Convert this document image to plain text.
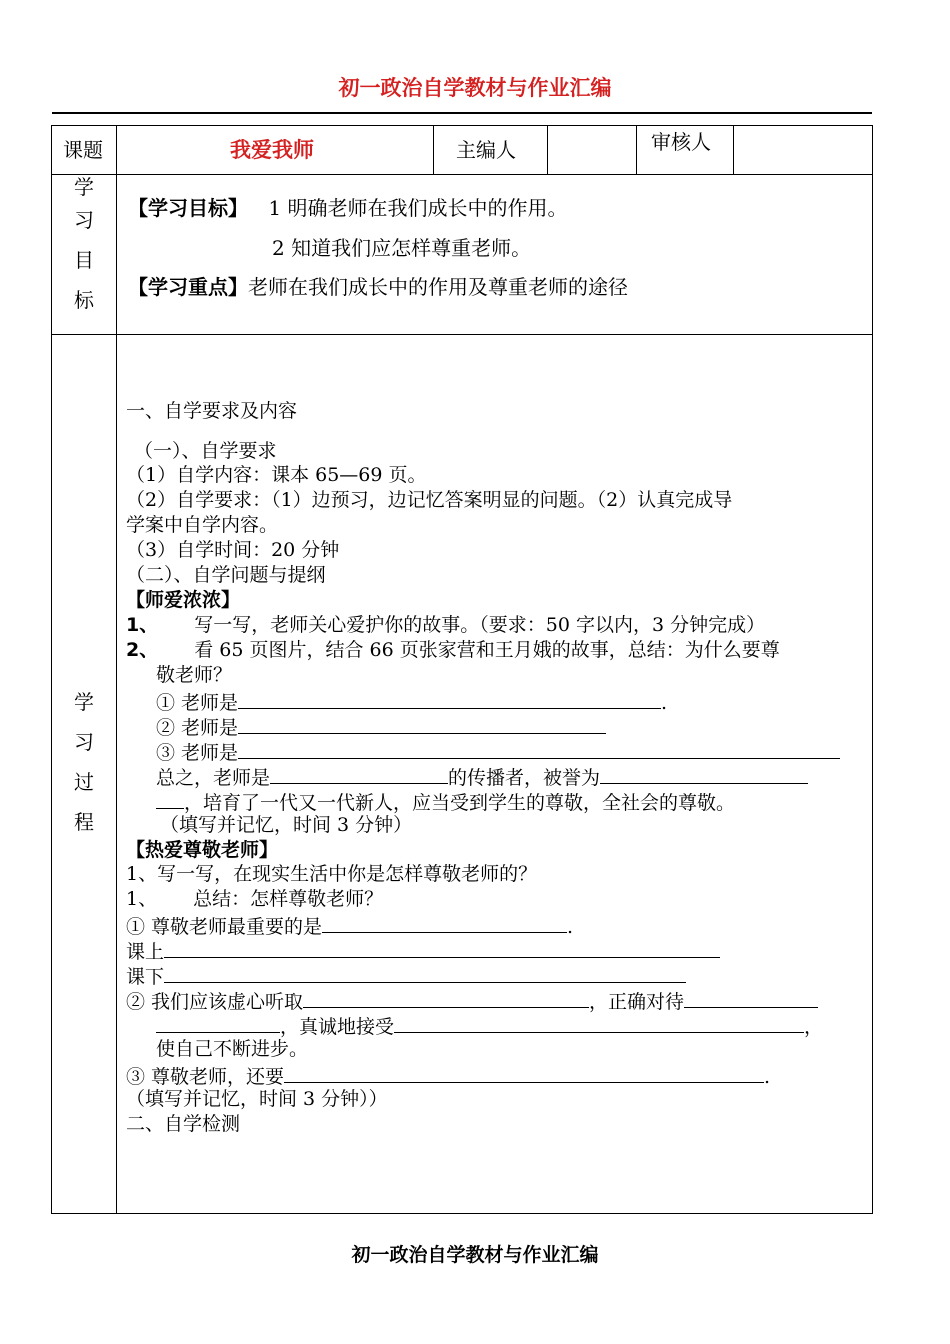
初一政治自学教材与作业汇编
课题	我爱我师	主编人	审核人
学
习
目
标
【学习目标】 1 明确老师在我们成长中的作用。
2 知道我们应怎样尊重老师。
【学习重点】老师在我们成长中的作用及尊重老师的途径
学
习
过
程
一、自学要求及内容
（一）、自学要求
（1）自学内容：课本 65—69 页。
（2）自学要求：（1）边预习，边记忆答案明显的问题。（2）认真完成导
学案中自学内容。
（3）自学时间：20 分钟
（二）、自学问题与提纲
【师爱浓浓】
1、 写一写，老师关心爱护你的故事。（要求：50 字以内，3 分钟完成）
2、 看 65 页图片，结合 66 页张家营和王月娥的故事，总结：为什么要尊
敬老师？
① 老师是	.
② 老师是
③ 老师是
总之，老师是	的传播者，被誉为
，培育了一代又一代新人，应当受到学生的尊敬，全社会的尊敬。
（填写并记忆，时间 3 分钟）
【热爱尊敬老师】
1、写一写，在现实生活中你是怎样尊敬老师的？
1、 总结：怎样尊敬老师？
① 尊敬老师最重要的是	.
课上
课下
② 我们应该虚心听取	，正确对待
，真诚地接受	，
使自己不断进步。
③ 尊敬老师，还要	.
（填写并记忆，时间 3 分钟））
二、自学检测
初一政治自学教材与作业汇编
